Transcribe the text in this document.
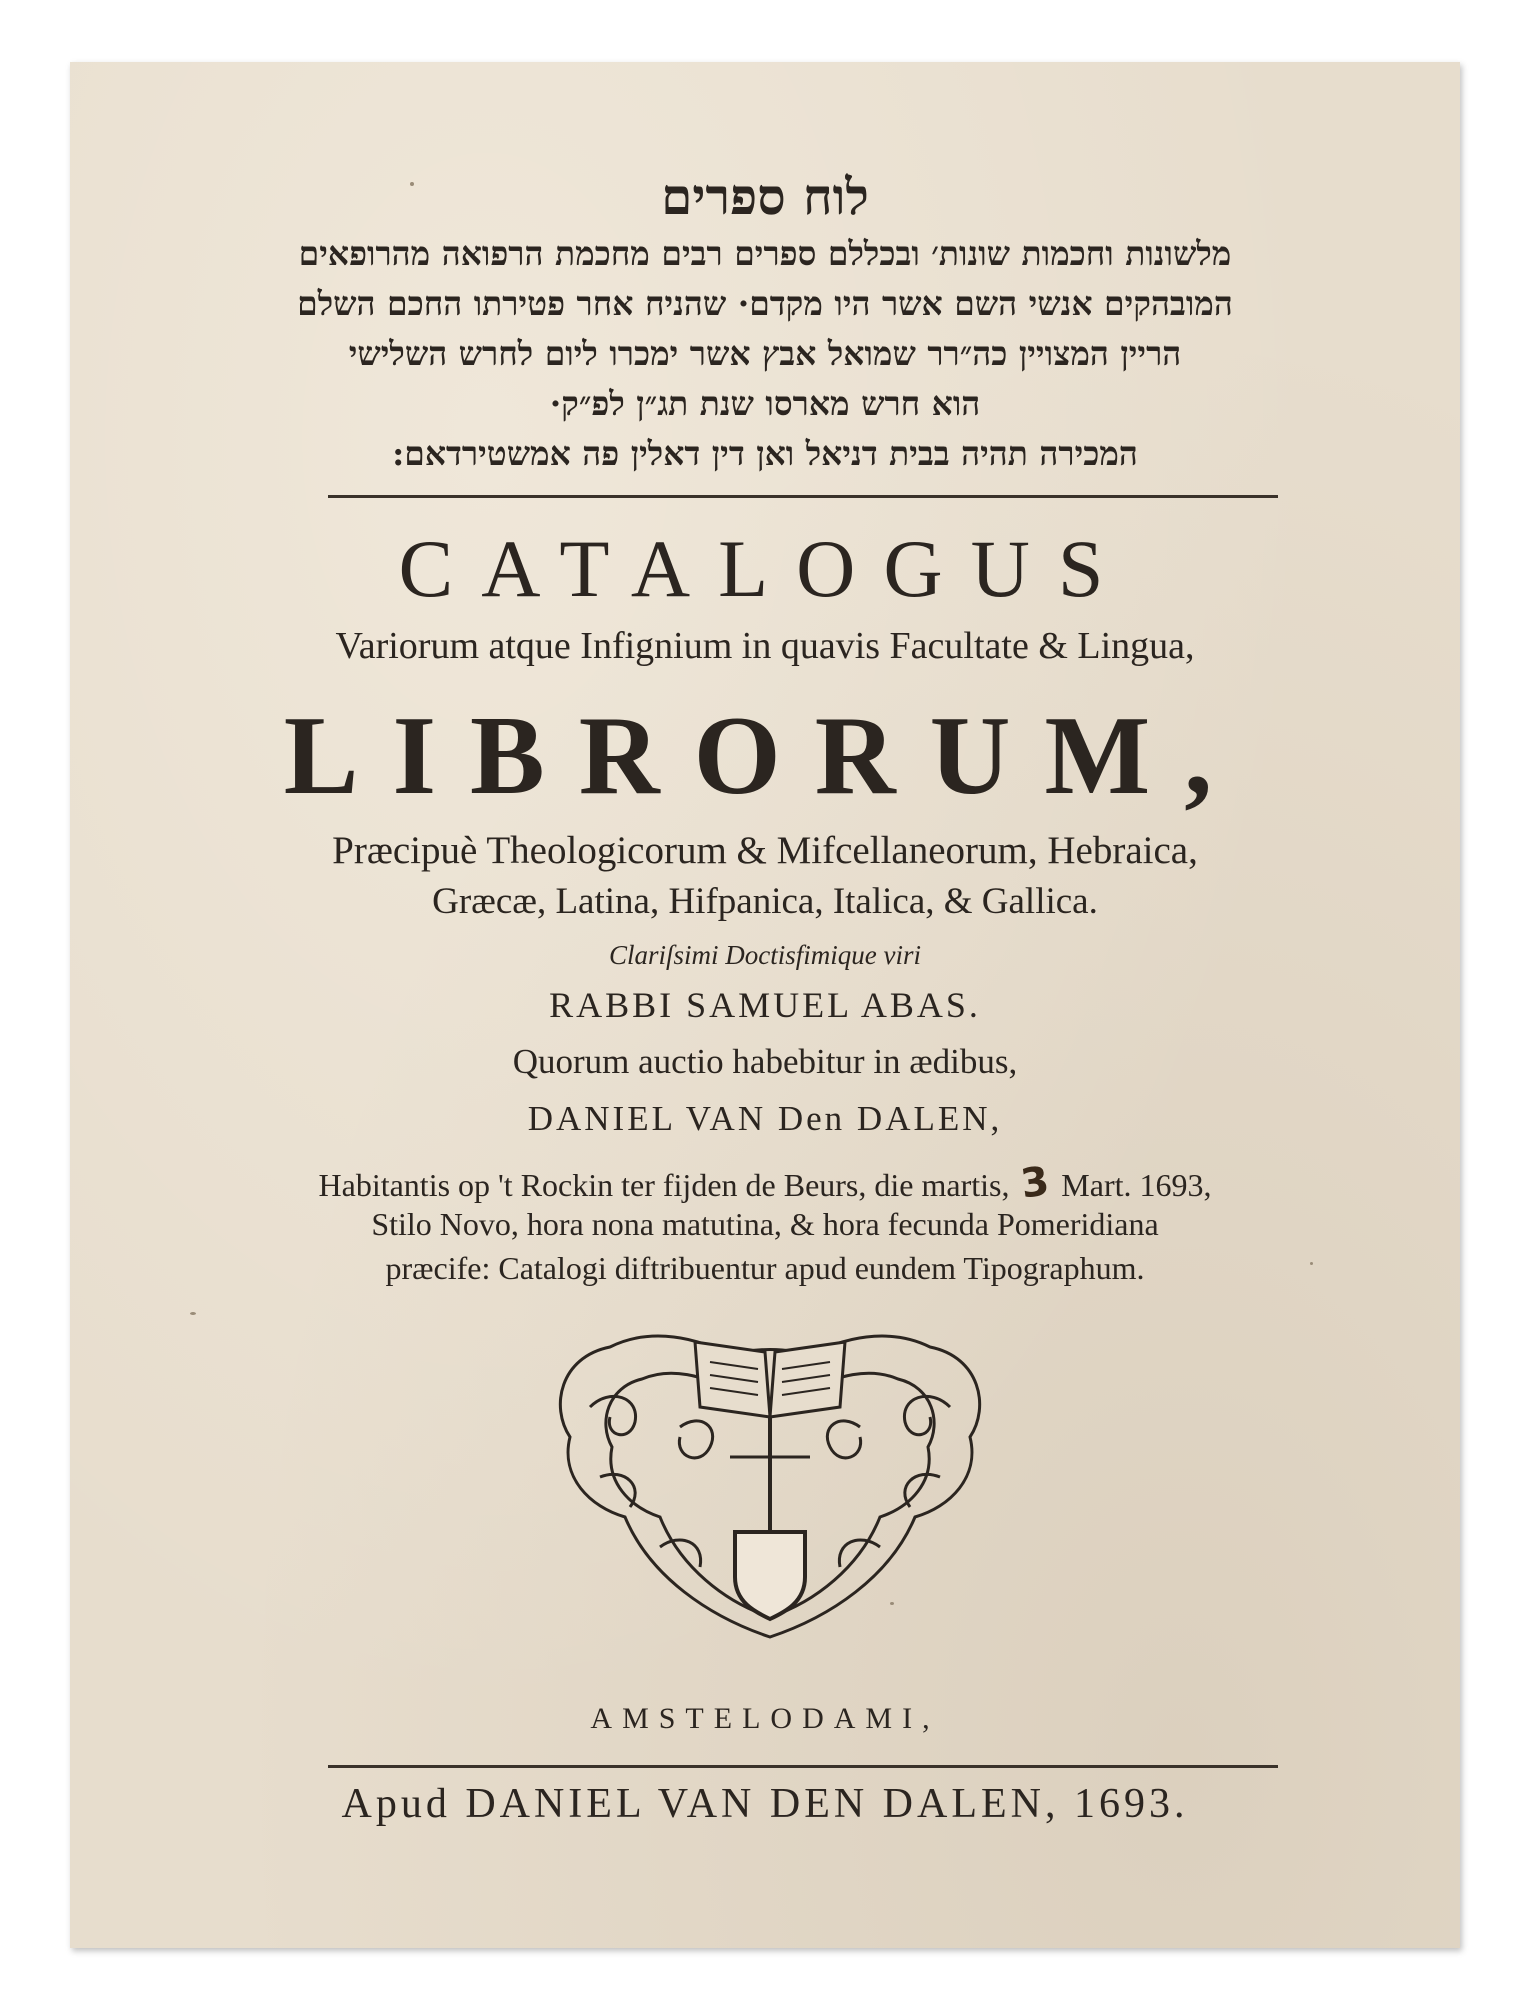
לוח ספרים
מלשונות וחכמות שונות׳ ובכללם ספרים רבים מחכמת הרפואה מהרופאים
המובהקים אנשי השם אשר היו מקדם· שהניח אחר פטירתו החכם השלם
הריין המצויין כה״רר שמואל אבץ אשר ימכרו ליום לחרש השלישי
הוא חרש מארסו שנת תג״ן לפ״ק·
המכירה תהיה בבית דניאל ואן דין דאלין פה אמשטירדאם:
CATALOGUS
Variorum atque Infignium in quavis Facultate & Lingua,
LIBRORUM,
Præcipuè Theologicorum & Mifcellaneorum, Hebraica,
Græcæ, Latina, Hifpanica, Italica, & Gallica.
Clariſsimi Doctisfimique viri
RABBI SAMUEL ABAS.
Quorum auctio habebitur in ædibus,
DANIEL VAN Den DALEN,
Habitantis op 't Rockin ter fijden de Beurs, die martis, 3 Mart. 1693,
Stilo Novo, hora nona matutina, & hora fecunda Pomeridiana
præcife: Catalogi diftribuentur apud eundem Tipographum.
AMSTELODAMI,
Apud DANIEL VAN DEN DALEN, 1693.
